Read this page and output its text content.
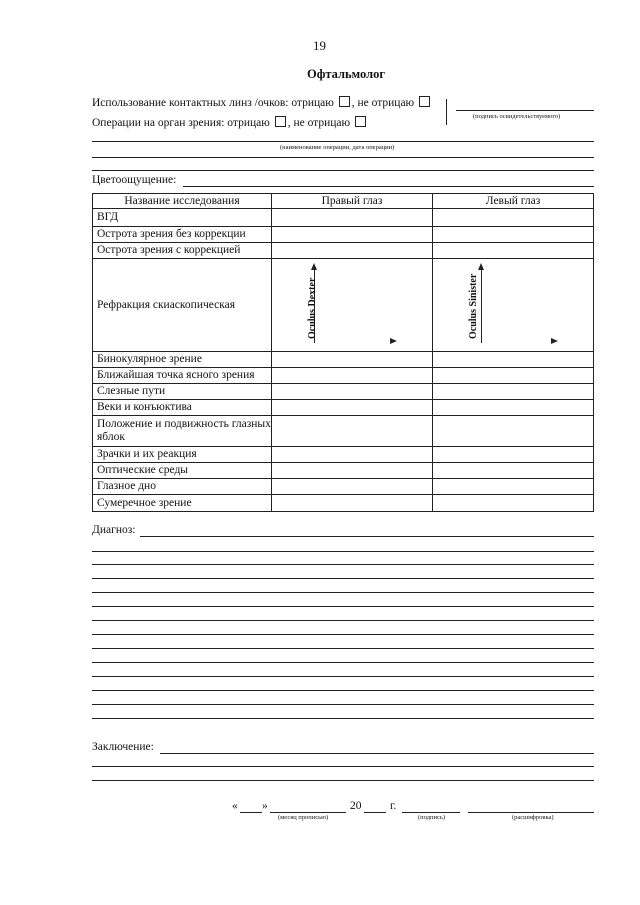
19
Офтальмолог
Использование контактных линз /очков: отрицаю , не отрицаю
Операции на орган зрения: отрицаю , не отрицаю
(подпись освидетельствуемого)
(наименование операции, дата операции)
Цветоощущение:
Название исследования	Правый глаз	Левый глаз
ВГД		
Острота зрения без коррекции		
Острота зрения с коррекцией		
Рефракция скиаскопическая	Oculus Dexter	Oculus Sinister

Бинокулярное зрение		
Ближайшая точка ясного зрения		
Слезные пути		
Веки и конъюктива		
Положение и подвижность глазных яблок		
Зрачки и их реакция		
Оптические среды		
Глазное дно		
Сумеречное зрение		
Диагноз:
Заключение:
« »
(месяц прописью)
20 г.
(подпись)	(расшифровка)
